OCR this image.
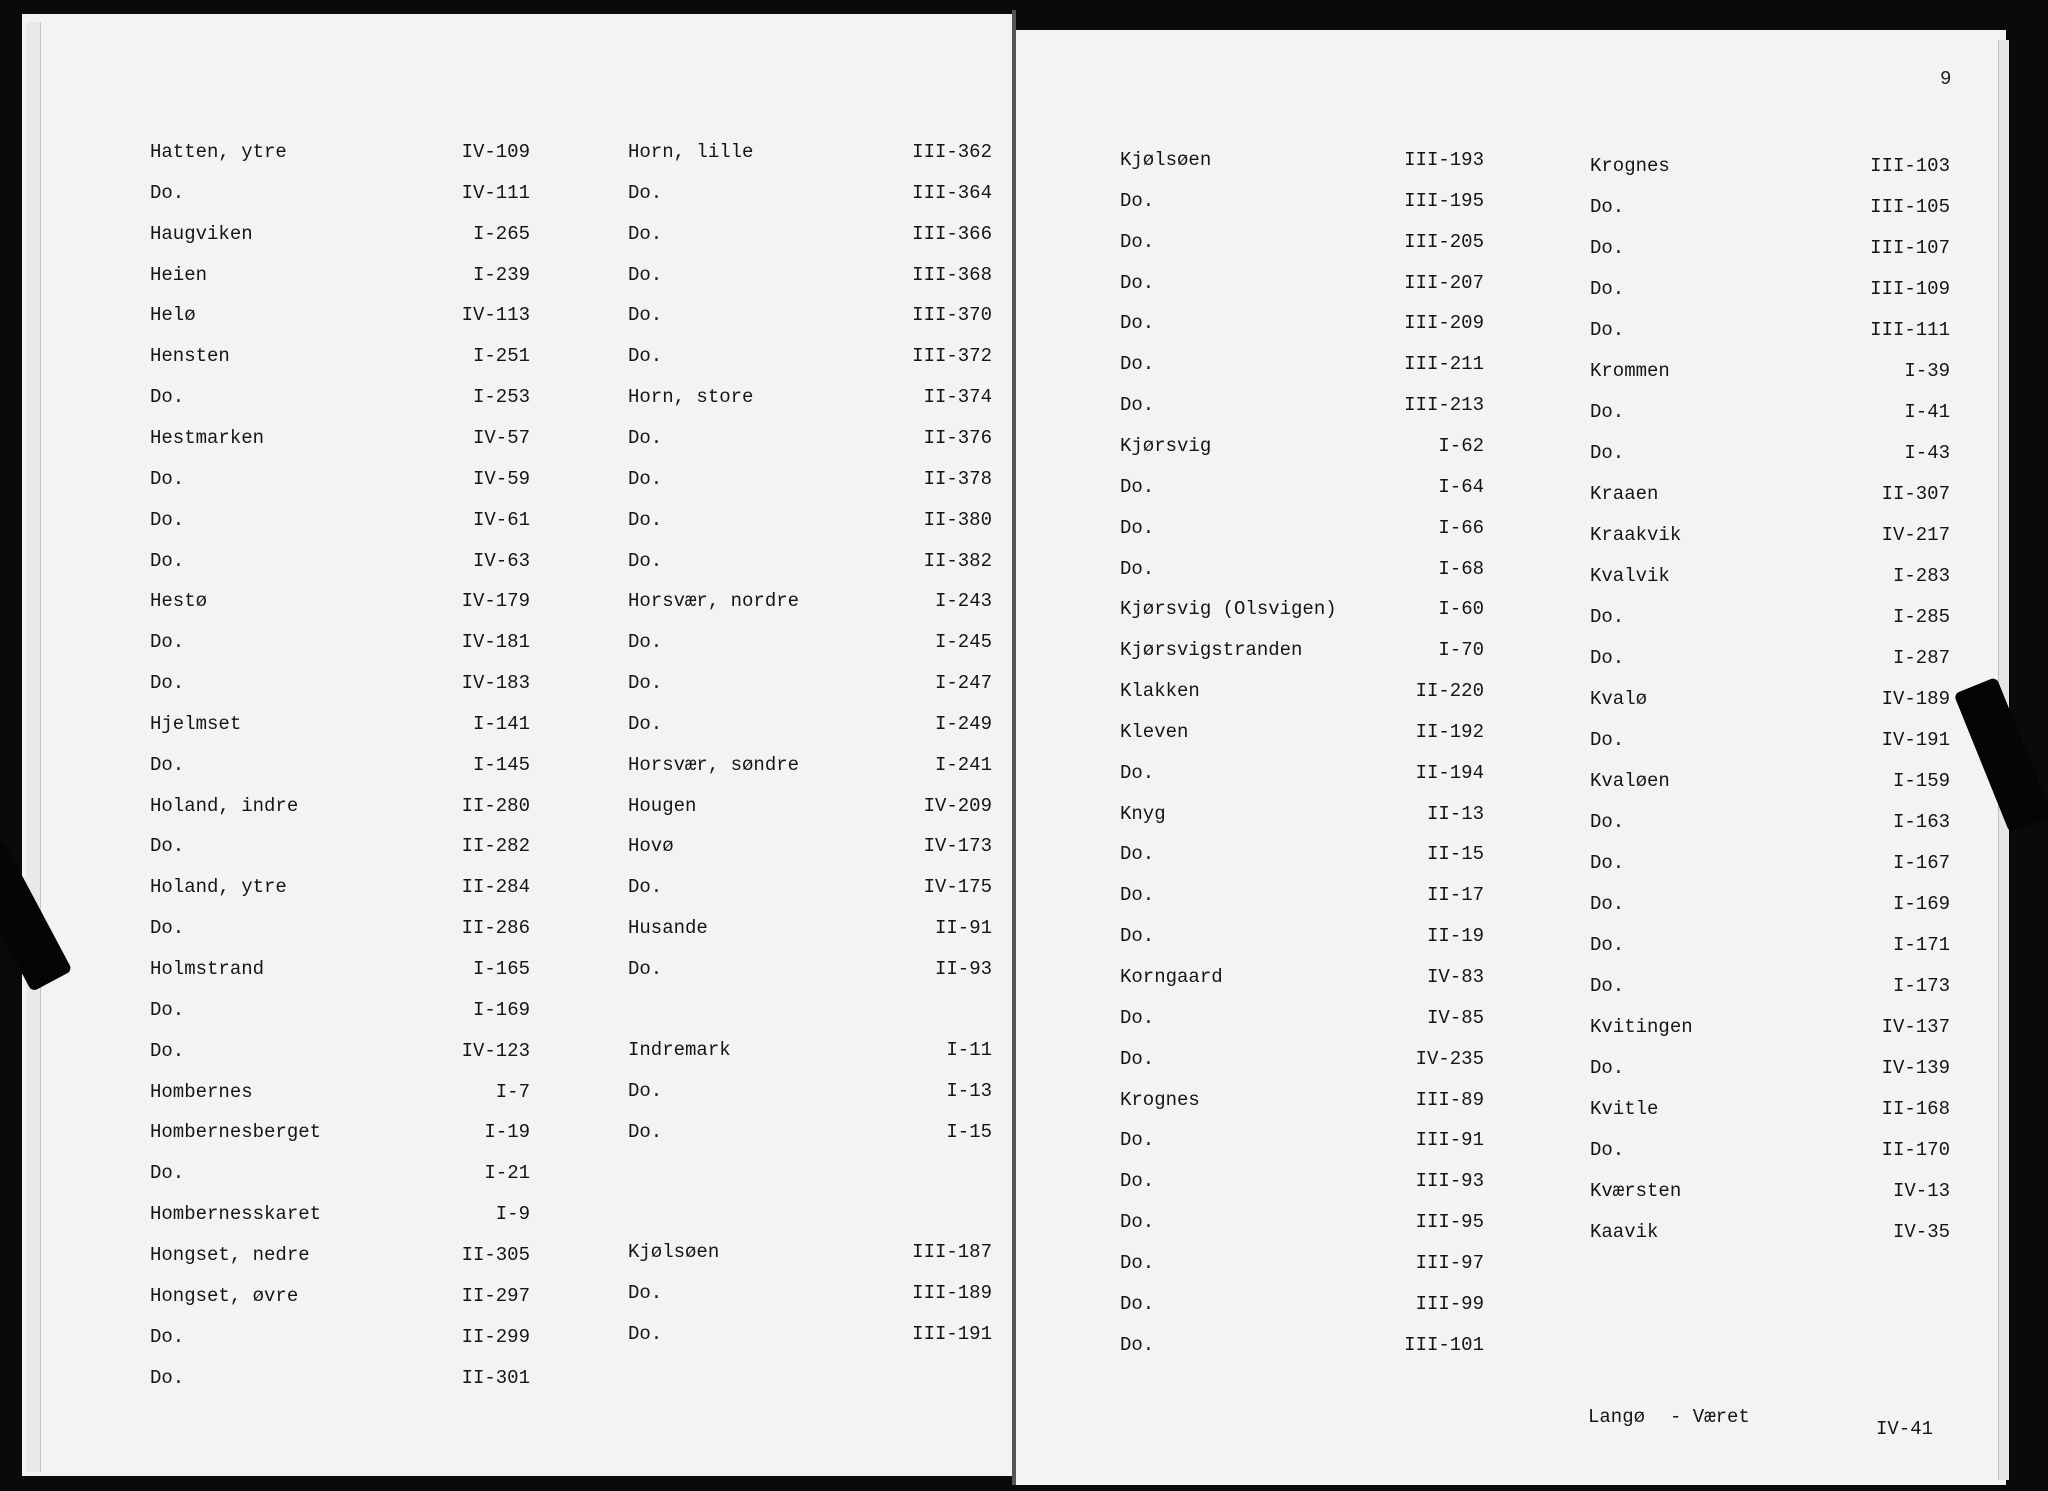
9
Hatten, ytre	IV-109
Do.	IV-111
Haugviken	I-265
Heien	I-239
Helø	IV-113
Hensten	I-251
Do.	I-253
Hestmarken	IV-57
Do.	IV-59
Do.	IV-61
Do.	IV-63
Hestø	IV-179
Do.	IV-181
Do.	IV-183
Hjelmset	I-141
Do.	I-145
Holand, indre	II-280
Do.	II-282
Holand, ytre	II-284
Do.	II-286
Holmstrand	I-165
Do.	I-169
Do.	IV-123
Hombernes	I-7
Hombernesberget	I-19
Do.	I-21
Hombernesskaret	I-9
Hongset, nedre	II-305
Hongset, øvre	II-297
Do.	II-299
Do.	II-301
Horn, lille	III-362
Do.	III-364
Do.	III-366
Do.	III-368
Do.	III-370
Do.	III-372
Horn, store	II-374
Do.	II-376
Do.	II-378
Do.	II-380
Do.	II-382
Horsvær, nordre	I-243
Do.	I-245
Do.	I-247
Do.	I-249
Horsvær, søndre	I-241
Hougen	IV-209
Hovø	IV-173
Do.	IV-175
Husande	II-91
Do.	II-93
Indremark	I-11
Do.	I-13
Do.	I-15
Kjølsøen	III-187
Do.	III-189
Do.	III-191
Kjølsøen	III-193
Do.	III-195
Do.	III-205
Do.	III-207
Do.	III-209
Do.	III-211
Do.	III-213
Kjørsvig	I-62
Do.	I-64
Do.	I-66
Do.	I-68
Kjørsvig (Olsvigen)	I-60
Kjørsvigstranden	I-70
Klakken	II-220
Kleven	II-192
Do.	II-194
Knyg	II-13
Do.	II-15
Do.	II-17
Do.	II-19
Korngaard	IV-83
Do.	IV-85
Do.	IV-235
Krognes	III-89
Do.	III-91
Do.	III-93
Do.	III-95
Do.	III-97
Do.	III-99
Do.	III-101
Krognes	III-103
Do.	III-105
Do.	III-107
Do.	III-109
Do.	III-111
Krommen	I-39
Do.	I-41
Do.	I-43
Kraaen	II-307
Kraakvik	IV-217
Kvalvik	I-283
Do.	I-285
Do.	I-287
Kvalø	IV-189
Do.	IV-191
Kvaløen	I-159
Do.	I-163
Do.	I-167
Do.	I-169
Do.	I-171
Do.	I-173
Kvitingen	IV-137
Do.	IV-139
Kvitle	II-168
Do.	II-170
Kværsten	IV-13
Kaavik	IV-35
Langø - Været
IV-41
